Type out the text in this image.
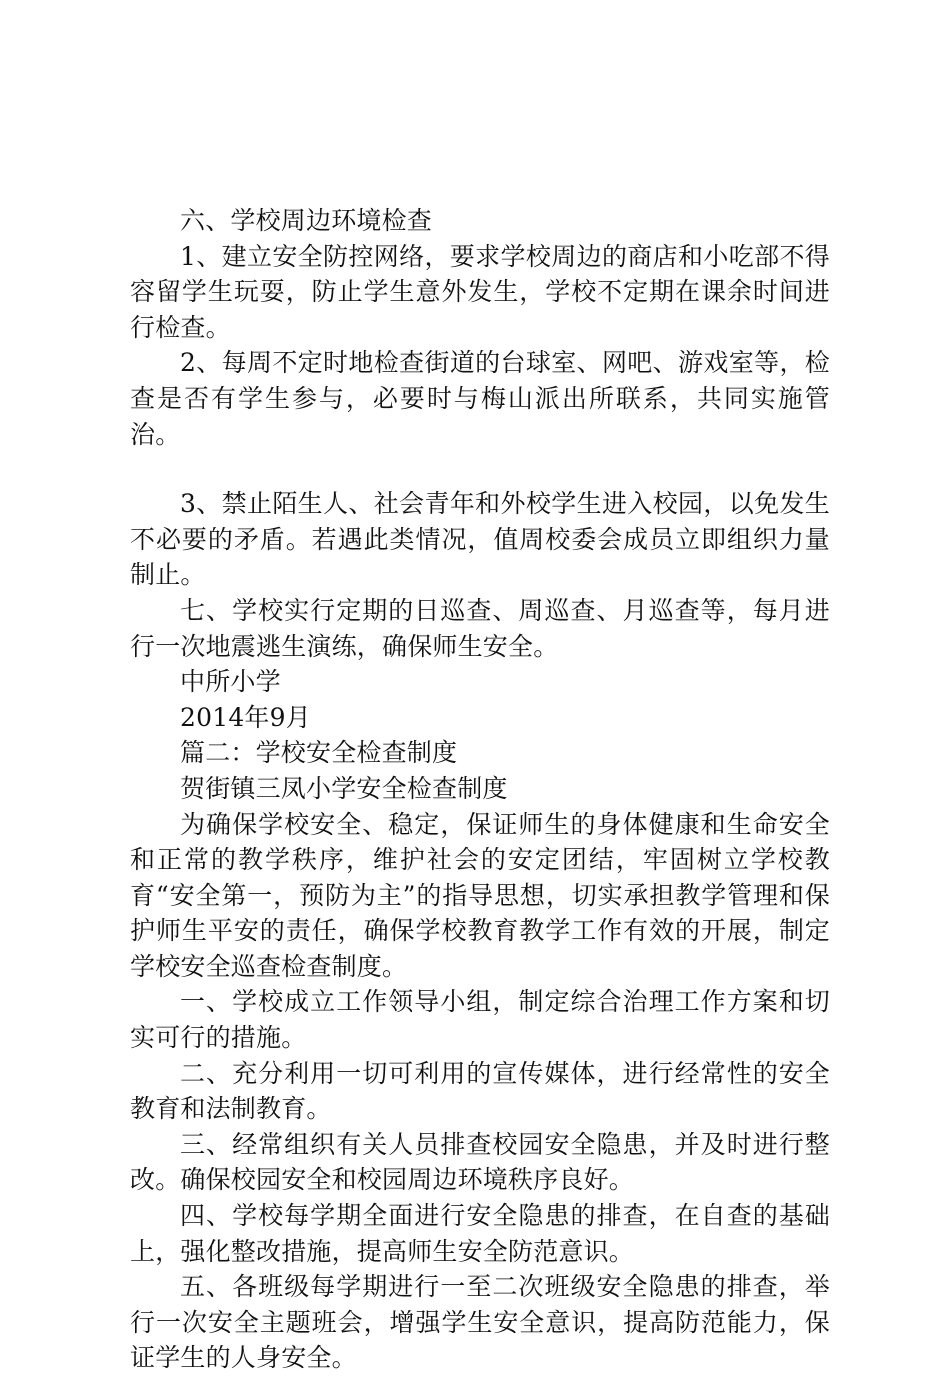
六、学校周边环境检查

1、建立安全防控网络，要求学校周边的商店和小吃部不得容留学生玩耍，防止学生意外发生，学校不定期在课余时间进行检查。

2、每周不定时地检查街道的台球室、网吧、游戏室等，检查是否有学生参与，必要时与梅山派出所联系，共同实施管治。

3、禁止陌生人、社会青年和外校学生进入校园，以免发生不必要的矛盾。若遇此类情况，值周校委会成员立即组织力量制止。

七、学校实行定期的日巡查、周巡查、月巡查等，每月进行一次地震逃生演练，确保师生安全。

中所小学

2014年9月

篇二：学校安全检查制度

贺街镇三凤小学安全检查制度

为确保学校安全、稳定，保证师生的身体健康和生命安全和正常的教学秩序，维护社会的安定团结，牢固树立学校教育“安全第一，预防为主”的指导思想，切实承担教学管理和保护师生平安的责任，确保学校教育教学工作有效的开展，制定学校安全巡查检查制度。

一、学校成立工作领导小组，制定综合治理工作方案和切实可行的措施。

二、充分利用一切可利用的宣传媒体，进行经常性的安全教育和法制教育。

三、经常组织有关人员排查校园安全隐患，并及时进行整改。确保校园安全和校园周边环境秩序良好。

四、学校每学期全面进行安全隐患的排查，在自查的基础上，强化整改措施，提高师生安全防范意识。

五、各班级每学期进行一至二次班级安全隐患的排查，举行一次安全主题班会，增强学生安全意识，提高防范能力，保证学生的人身安全。
